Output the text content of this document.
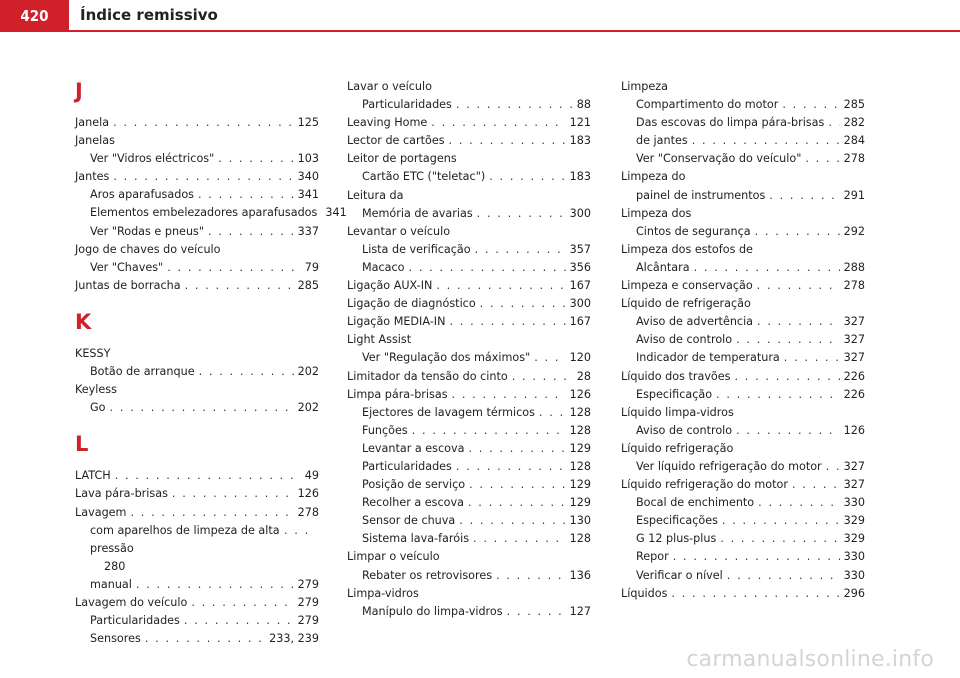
420	Índice remissivo
J
Janela . . .	125
Janelas
Ver "Vidros eléctricos" . . .	103
Jantes . . .	340
Aros aparafusados . . .	341
Elementos embelezadores aparafusados 341
Ver "Rodas e pneus" . . .	337
Jogo de chaves do veículo
Ver "Chaves" . . .	79
Juntas de borracha . . .	285
K
KESSY
Botão de arranque . . .	202
Keyless
Go . . .	202
L
LATCH . . .	49
Lava pára-brisas . . .	126
Lavagem . . .	278
com aparelhos de limpeza de alta pressão
. . .
280
manual . . .	279
Lavagem do veículo . . .	279
Particularidades . . .	279
Sensores . . .	233, 239
Lavar o veículo
Particularidades . . .	88
Leaving Home . . .	121
Lector de cartões . . .	183
Leitor de portagens
Cartão ETC ("teletac") . . .	183
Leitura da
Memória de avarias . . .	300
Levantar o veículo
Lista de verificação . . .	357
Macaco . . .	356
Ligação AUX-IN . . .	167
Ligação de diagnóstico . . .	300
Ligação MEDIA-IN . . .	167
Light Assist
Ver "Regulação dos máximos" . . .	120
Limitador da tensão do cinto . . .	28
Limpa pára-brisas . . .	126
Ejectores de lavagem térmicos . . .	128
Funções . . .	128
Levantar a escova . . .	129
Particularidades . . .	128
Posição de serviço . . .	129
Recolher a escova . . .	129
Sensor de chuva . . .	130
Sistema lava-faróis . . .	128
Limpar o veículo
Rebater os retrovisores . . .	136
Limpa-vidros
Manípulo do limpa-vidros . . .	127
Limpeza
Compartimento do motor . . .	285
Das escovas do limpa pára-brisas . . . 282
de jantes . . .	284
Ver "Conservação do veículo" . . .	278
Limpeza do
painel de instrumentos . . .	291
Limpeza dos
Cintos de segurança . . .	292
Limpeza dos estofos de
Alcântara . . .	288
Limpeza e conservação . . .	278
Líquido de refrigeração
Aviso de advertência . . .	327
Aviso de controlo . . .	327
Indicador de temperatura . . .	327
Líquido dos travões . . .	226
Especificação . . .	226
Líquido limpa-vidros
Aviso de controlo . . .	126
Líquido refrigeração
Ver líquido refrigeração do motor . . . 327
Líquido refrigeração do motor . . .	327
Bocal de enchimento . . .	330
Especificações . . .	329
G 12 plus-plus . . .	329
Repor . . .	330
Verificar o nível . . .	330
Líquidos . . .	296
carmanualsonline.info
